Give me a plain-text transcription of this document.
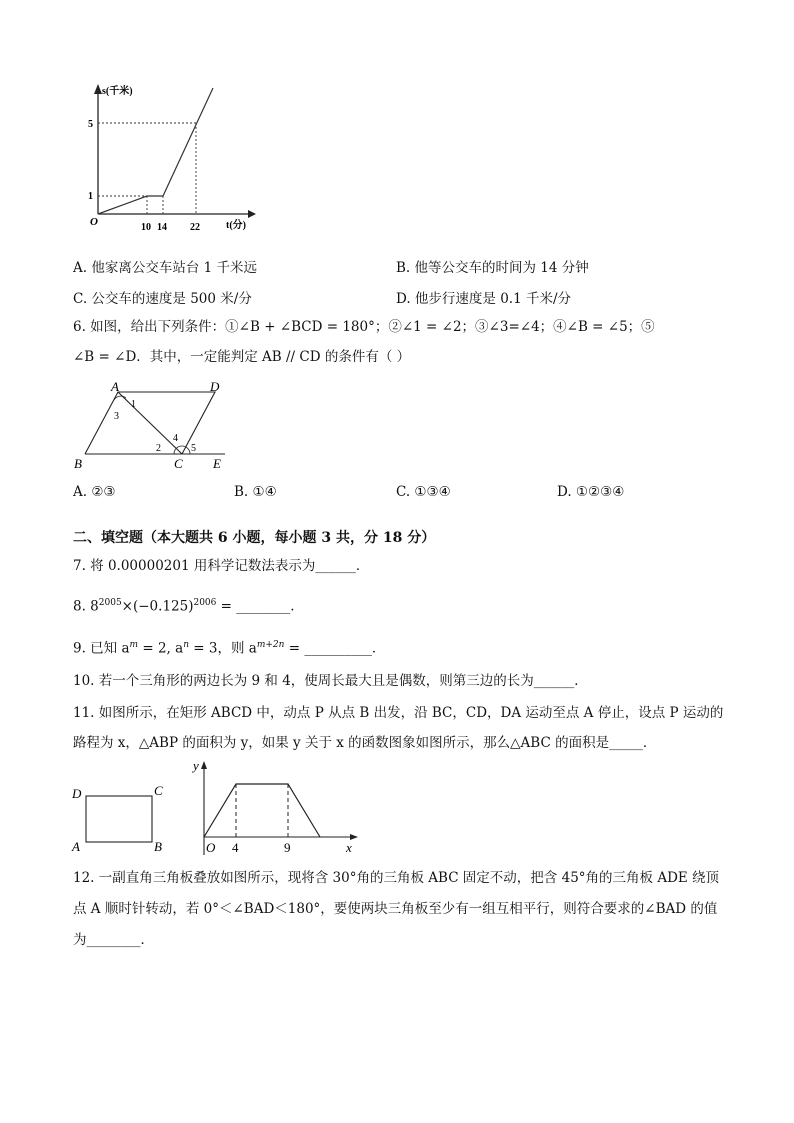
s(千米)
t(分)
O
5
1
10 14 22
A. 他家离公交车站台 1 千米远	B. 他等公交车的时间为 14 分钟
C. 公交车的速度是 500 米/分	D. 他步行速度是 0.1 千米/分
6. 如图，给出下列条件：①∠B + ∠BCD = 180°；②∠1 = ∠2；③∠3=∠4；④∠B = ∠5；⑤
∠B = ∠D．其中，一定能判定 AB // CD 的条件有（ ）
A	D
B	C E
1
2
3
4
5
A. ②③	B. ①④	C. ①③④	D. ①②③④
二、填空题（本大题共 6 小题，每小题 3 共，分 18 分）
7. 将 0.00000201 用科学记数法表示为______．
8. $8^{2005}\times(-0.125)^{2006}$ = ________.
9. 已知 $a^m = 2$, $a^n = 3$，则 $a^{m+2n}$ = __________．
10. 若一个三角形的两边长为 9 和 4，使周长最大且是偶数，则第三边的长为______．
11. 如图所示，在矩形 ABCD 中，动点 P 从点 B 出发，沿 BC，CD，DA 运动至点 A 停止，设点 P 运动的
路程为 x，△ABP 的面积为 y，如果 y 关于 x 的函数图象如图所示，那么△ABC 的面积是_____．
D	C
A	B
y
x
O 4	9
12. 一副直角三角板叠放如图所示，现将含 30°角的三角板 ABC 固定不动，把含 45°角的三角板 ADE 绕顶
点 A 顺时针转动，若 0°＜∠BAD＜180°，要使两块三角板至少有一组互相平行，则符合要求的∠BAD 的值
为________．
